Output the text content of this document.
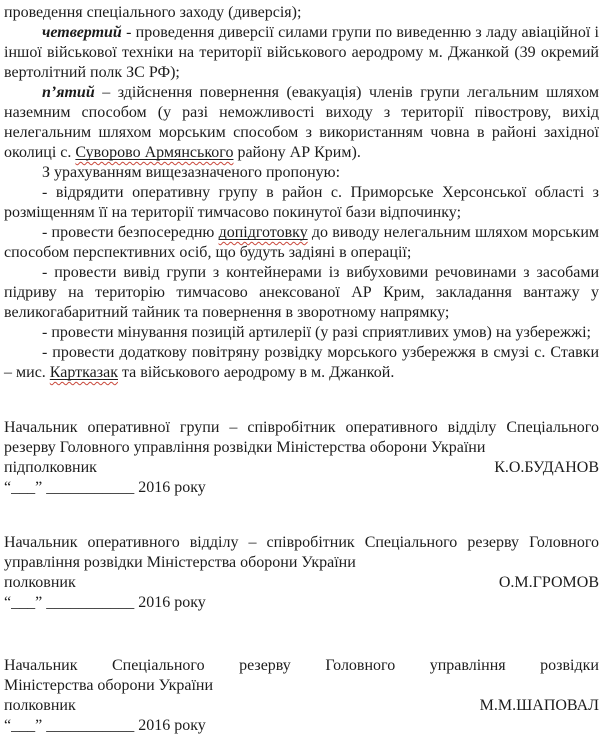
проведення спеціального заходу (диверсія);

четвертий - проведення диверсії силами групи по виведенню з ладу авіаційної і іншої військової техніки на території військового аеродрому м. Джанкой (39 окремий вертолітний полк ЗС РФ);

п’ятий – здійснення повернення (евакуація) членів групи легальним шляхом наземним способом (у разі неможливості виходу з території півострову, вихід нелегальним шляхом морським способом з використанням човна в районі західної околиці с. Суворово Армянського району АР Крим).

З урахуванням вищезазначеного пропоную:

- відрядити оперативну групу в район с. Приморське Херсонської області з розміщенням її на території тимчасово покинутої бази відпочинку;

- провести безпосередню допідготовку до виводу нелегальним шляхом морським способом перспективних осіб, що будуть задіяні в операції;

- провести вивід групи з контейнерами із вибуховими речовинами з засобами підриву на територію тимчасово анексованої АР Крим, закладання вантажу у великогабаритний тайник та повернення в зворотному напрямку;

- провести мінування позицій артилерії (у разі сприятливих умов) на узбережжі;

- провести додаткову повітряну розвідку морського узбережжя в смузі с. Ставки – мис. Картказак та військового аеродрому в м. Джанкой.

Начальник оперативної групи – співробітник оперативного відділу Спеціального
резерву Головного управління розвідки Міністерства оборони України
підполковник	К.О.БУДАНОВ
“___” ___________ 2016 року
Начальник оперативного відділу – співробітник Спеціального резерву Головного
управління розвідки Міністерства оборони України
полковник	О.М.ГРОМОВ
“___” ___________ 2016 року
Начальник Спеціального резерву Головного управління розвідки
Міністерства оборони України
полковник	М.М.ШАПОВАЛ
“___” ___________ 2016 року
